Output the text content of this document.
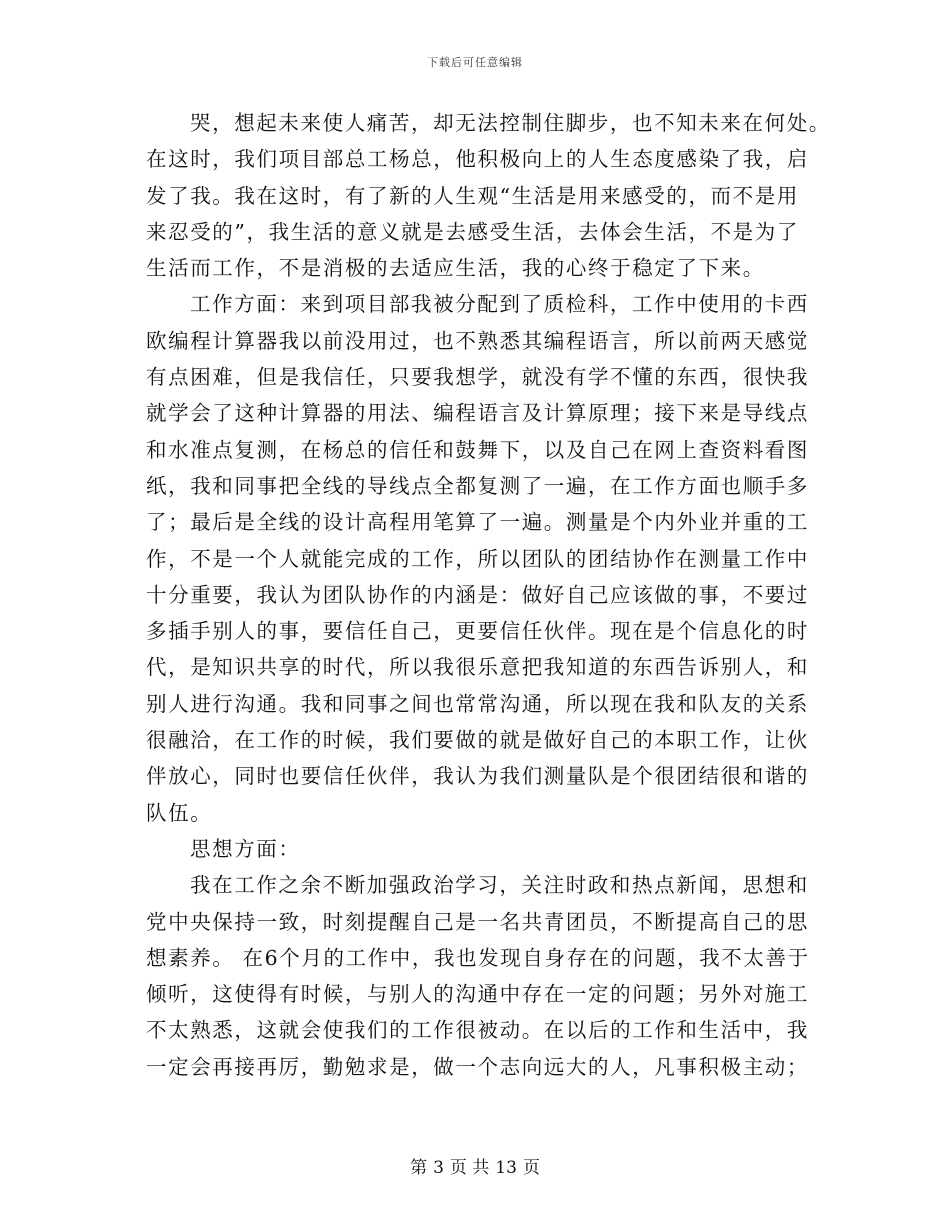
下载后可任意编辑
哭，想起未来使人痛苦，却无法控制住脚步，也不知未来在何处。
在这时，我们项目部总工杨总，他积极向上的人生态度感染了我，启
发了我。我在这时，有了新的人生观“生活是用来感受的，而不是用
来忍受的”，我生活的意义就是去感受生活，去体会生活，不是为了
生活而工作，不是消极的去适应生活，我的心终于稳定了下来。
工作方面：来到项目部我被分配到了质检科，工作中使用的卡西
欧编程计算器我以前没用过，也不熟悉其编程语言，所以前两天感觉
有点困难，但是我信任，只要我想学，就没有学不懂的东西，很快我
就学会了这种计算器的用法、编程语言及计算原理；接下来是导线点
和水准点复测，在杨总的信任和鼓舞下，以及自己在网上查资料看图
纸，我和同事把全线的导线点全都复测了一遍，在工作方面也顺手多
了；最后是全线的设计高程用笔算了一遍。测量是个内外业并重的工
作，不是一个人就能完成的工作，所以团队的团结协作在测量工作中
十分重要，我认为团队协作的内涵是：做好自己应该做的事，不要过
多插手别人的事，要信任自己，更要信任伙伴。现在是个信息化的时
代，是知识共享的时代，所以我很乐意把我知道的东西告诉别人，和
别人进行沟通。我和同事之间也常常沟通，所以现在我和队友的关系
很融洽，在工作的时候，我们要做的就是做好自己的本职工作，让伙
伴放心，同时也要信任伙伴，我认为我们测量队是个很团结很和谐的
队伍。
思想方面：
我在工作之余不断加强政治学习，关注时政和热点新闻，思想和
党中央保持一致，时刻提醒自己是一名共青团员，不断提高自己的思
想素养。 在6个月的工作中，我也发现自身存在的问题，我不太善于
倾听，这使得有时候，与别人的沟通中存在一定的问题；另外对施工
不太熟悉，这就会使我们的工作很被动。在以后的工作和生活中，我
一定会再接再厉，勤勉求是，做一个志向远大的人，凡事积极主动；
第 3 页 共 13 页
